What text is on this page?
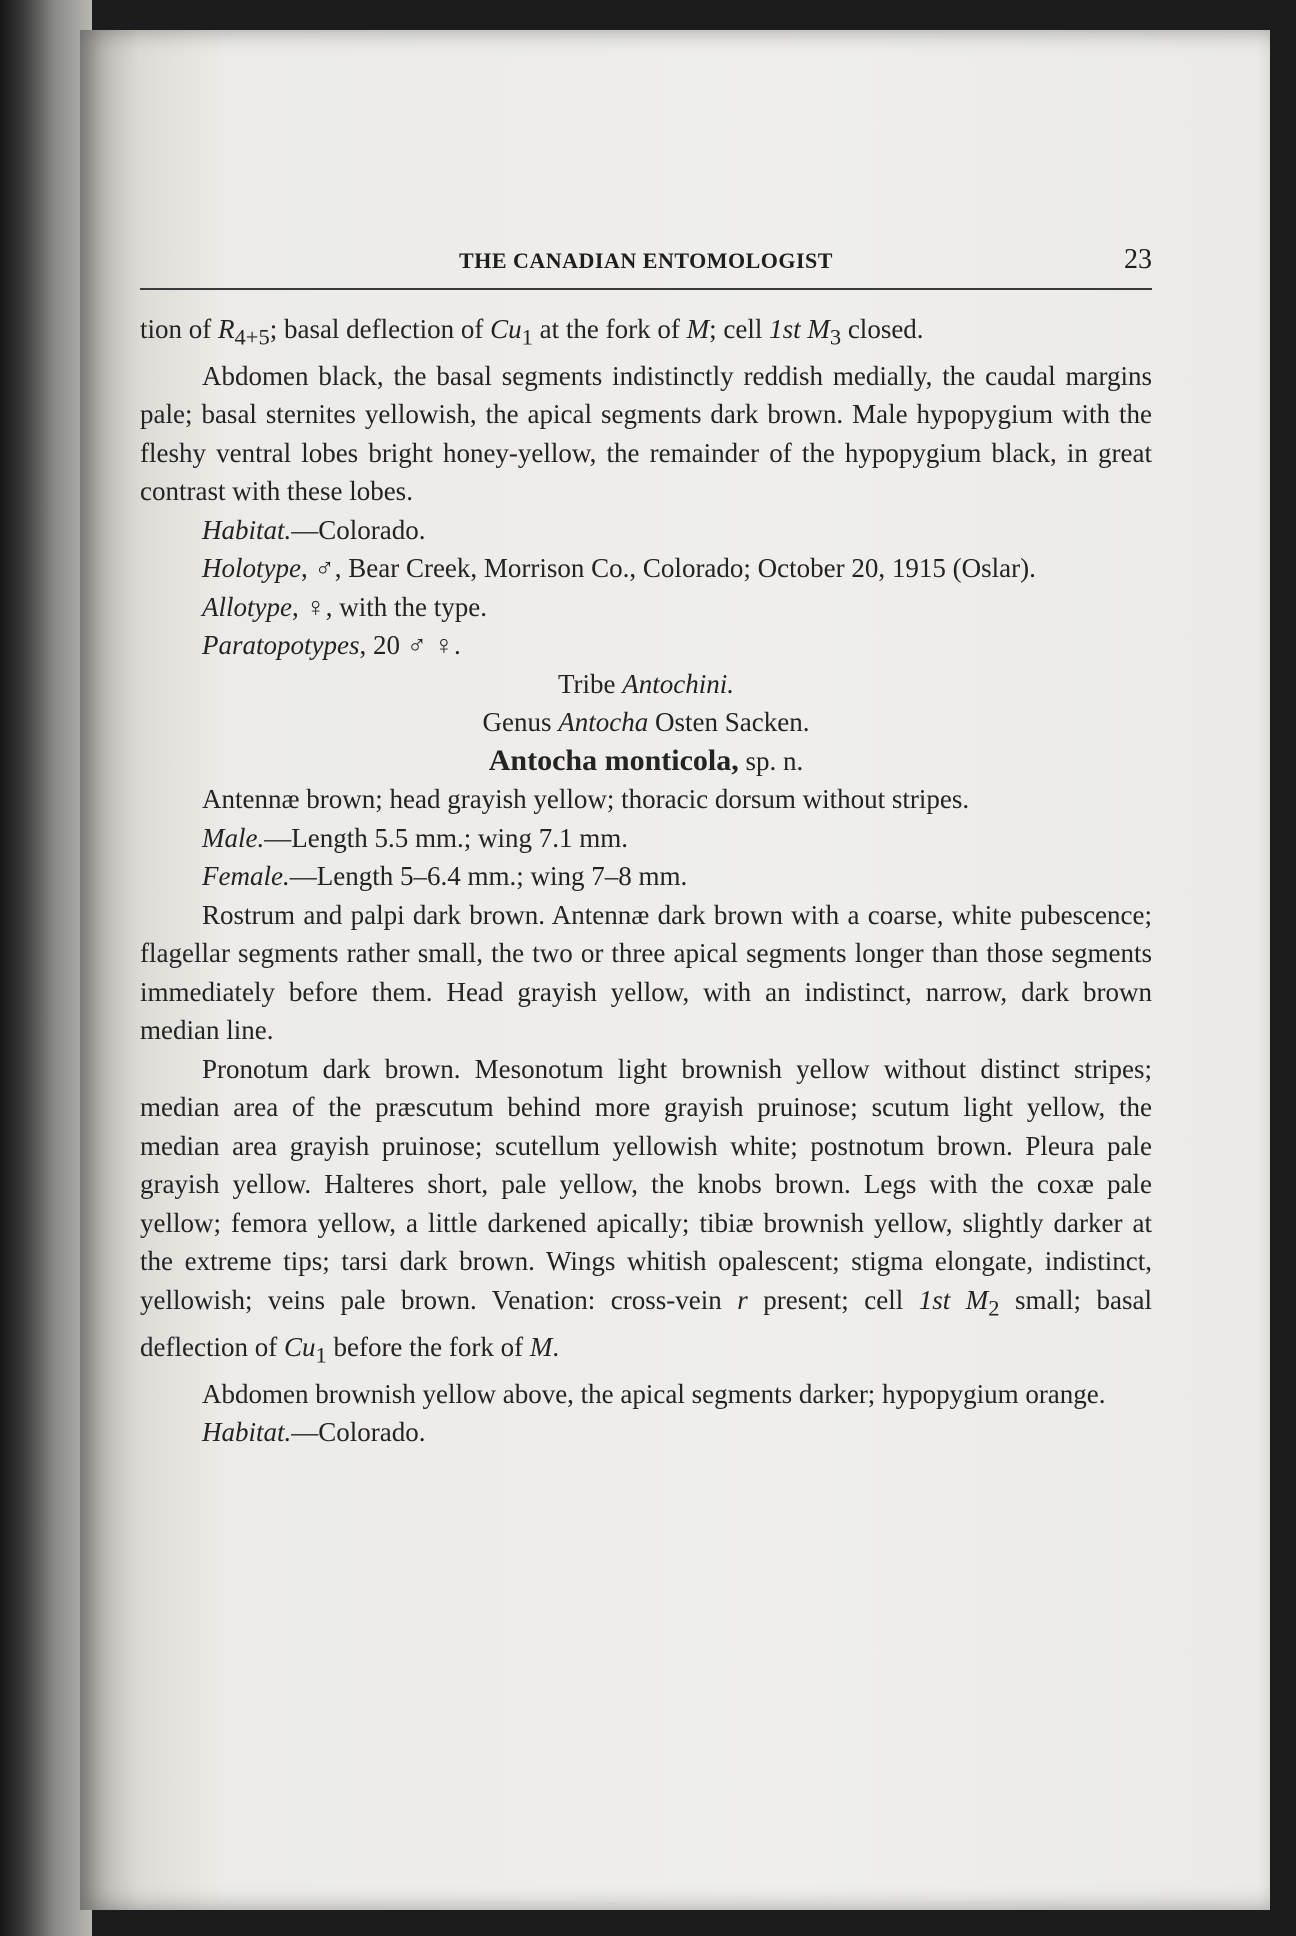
THE CANADIAN ENTOMOLOGIST	23

tion of $R_{4+5}$; basal deflection of $Cu_1$ at the fork of M; cell 1st $M_3$ closed.

Abdomen black, the basal segments indistinctly reddish medially, the caudal margins pale; basal sternites yellowish, the apical segments dark brown. Male hypopygium with the fleshy ventral lobes bright honey-yellow, the remainder of the hypopygium black, in great contrast with these lobes.

Habitat.—Colorado.

Holotype, ♂, Bear Creek, Morrison Co., Colorado; October 20, 1915 (Oslar).

Allotype, ♀, with the type.

Paratopotypes, 20 ♂ ♀.

Tribe Antochini.

Genus Antocha Osten Sacken.

Antocha monticola, sp. n.

Antennæ brown; head grayish yellow; thoracic dorsum without stripes.

Male.—Length 5.5 mm.; wing 7.1 mm.

Female.—Length 5–6.4 mm.; wing 7–8 mm.

Rostrum and palpi dark brown. Antennæ dark brown with a coarse, white pubescence; flagellar segments rather small, the two or three apical segments longer than those segments immediately before them. Head grayish yellow, with an indistinct, narrow, dark brown median line.

Pronotum dark brown. Mesonotum light brownish yellow without distinct stripes; median area of the præscutum behind more grayish pruinose; scutum light yellow, the median area grayish pruinose; scutellum yellowish white; postnotum brown. Pleura pale grayish yellow. Halteres short, pale yellow, the knobs brown. Legs with the coxæ pale yellow; femora yellow, a little darkened apically; tibiæ brownish yellow, slightly darker at the extreme tips; tarsi dark brown. Wings whitish opalescent; stigma elongate, indistinct, yellowish; veins pale brown. Venation: cross-vein r present; cell 1st $M_2$ small; basal deflection of $Cu_1$ before the fork of M.

Abdomen brownish yellow above, the apical segments darker; hypopygium orange.

Habitat.—Colorado.
